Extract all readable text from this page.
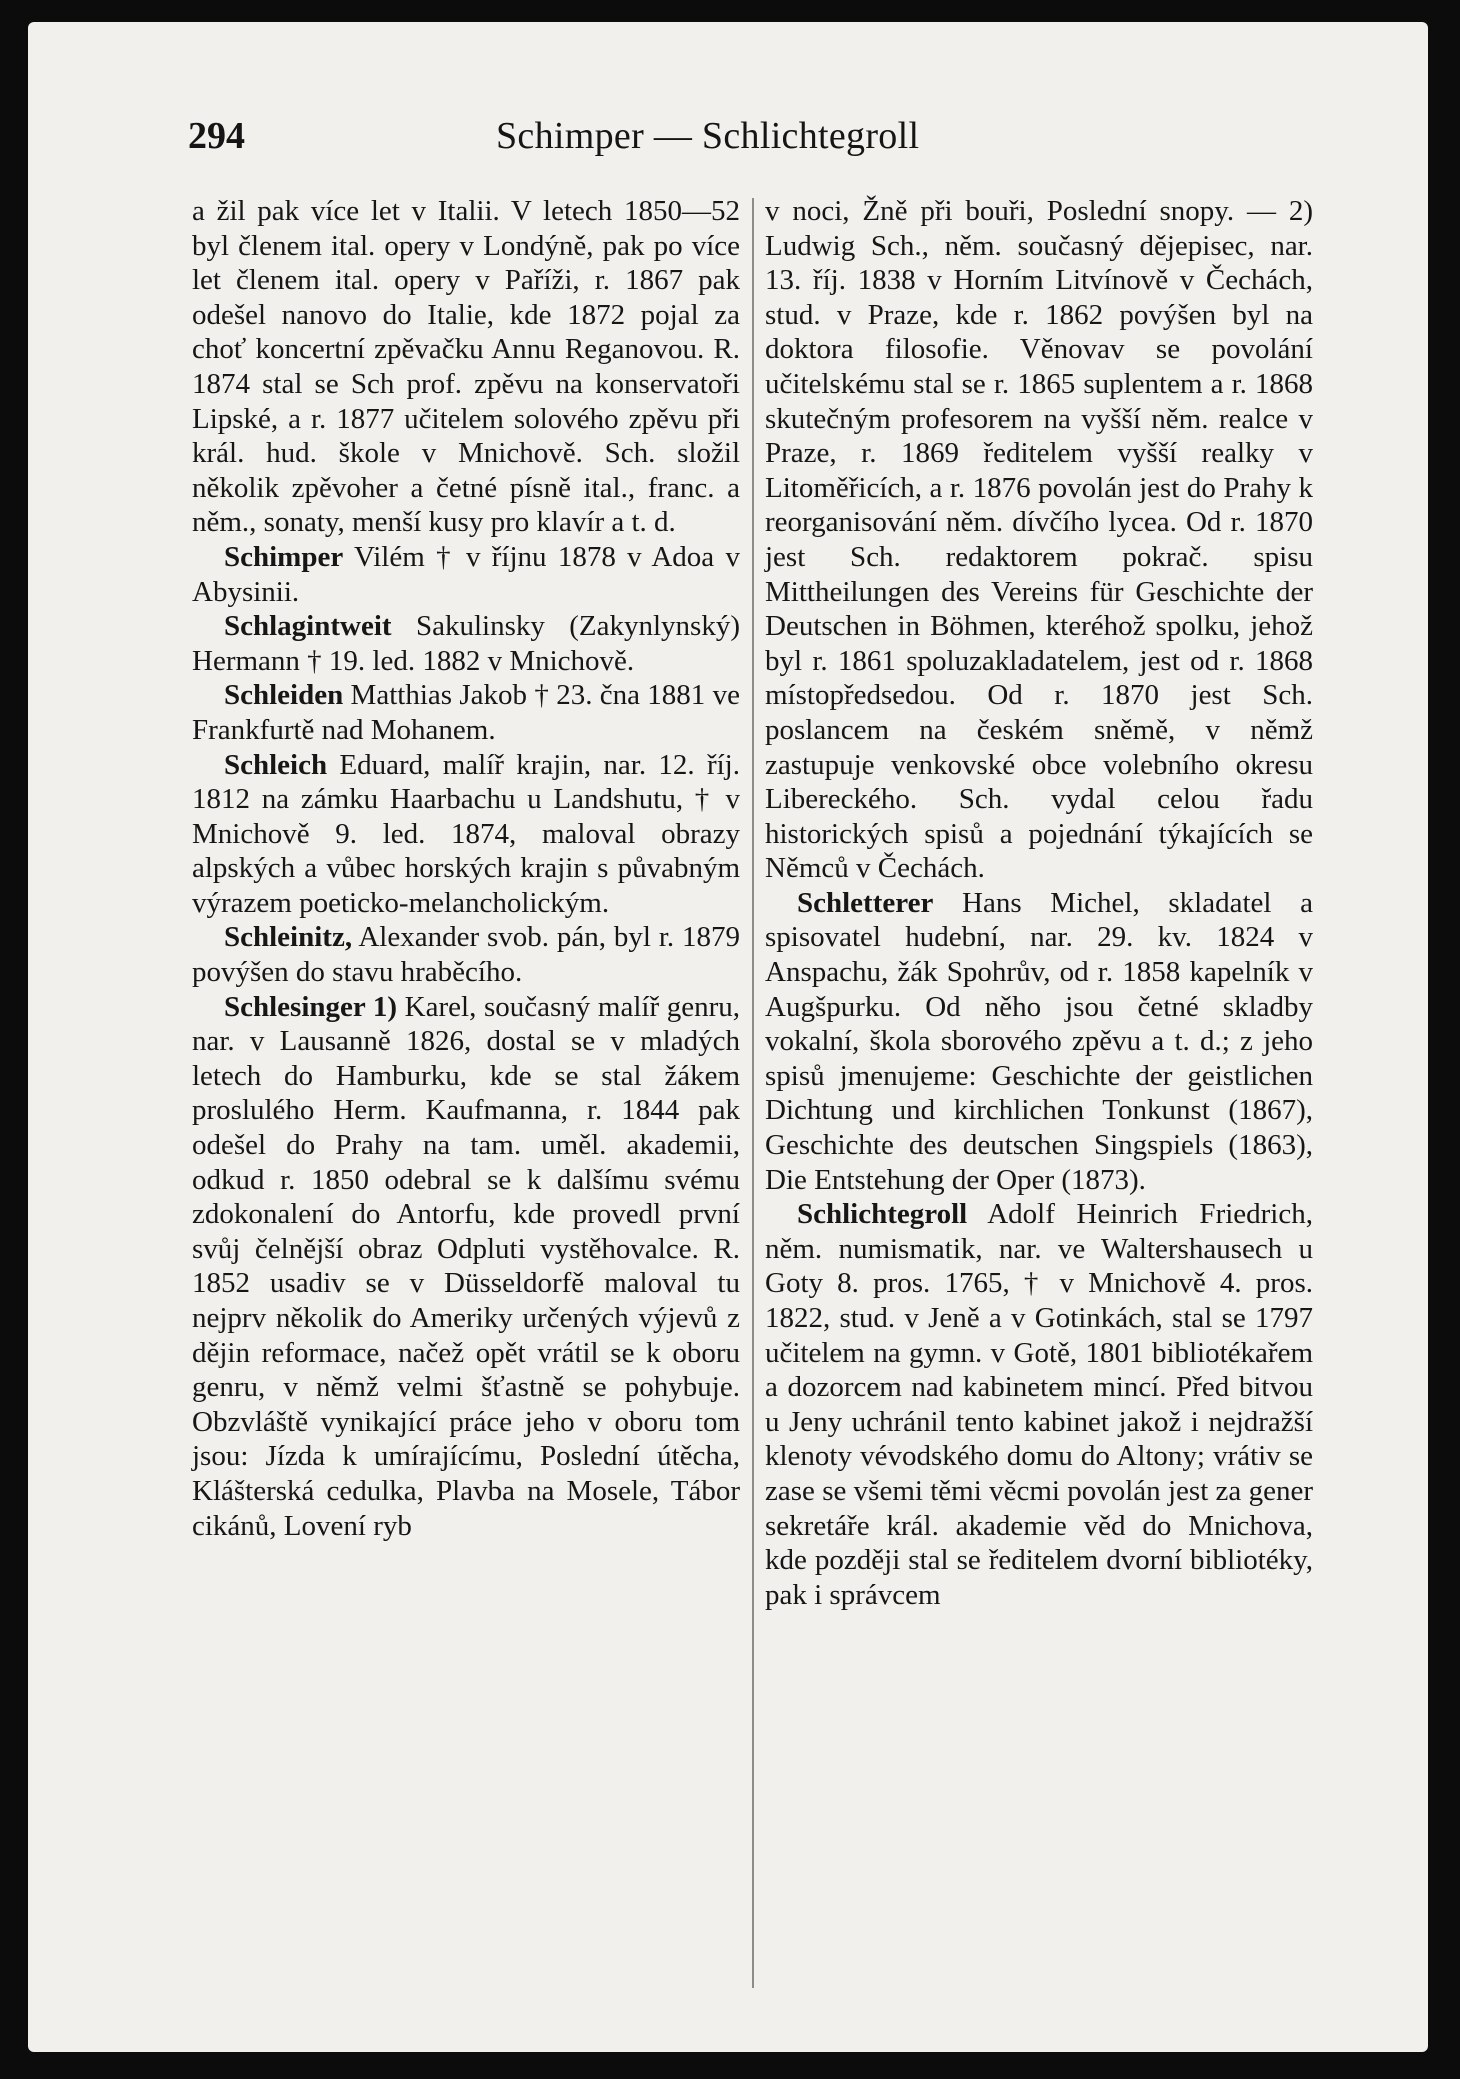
294	Schimper — Schlichtegroll

a žil pak více let v Italii. V letech 1850—52 byl členem ital. opery v Londýně, pak po více let členem ital. opery v Paříži, r. 1867 pak odešel nanovo do Italie, kde 1872 pojal za choť koncertní zpěvačku Annu Reganovou. R. 1874 stal se Sch prof. zpěvu na konservatoři Lipské, a r. 1877 učitelem solového zpěvu při král. hud. škole v Mnichově. Sch. složil několik zpěvoher a četné písně ital., franc. a něm., sonaty, menší kusy pro klavír a t. d.

Schimper Vilém † v říjnu 1878 v Adoa v Abysinii.

Schlagintweit Sakulinsky (Zakynlynský) Hermann † 19. led. 1882 v Mnichově.

Schleiden Matthias Jakob † 23. čna 1881 ve Frankfurtě nad Mohanem.

Schleich Eduard, malíř krajin, nar. 12. říj. 1812 na zámku Haarbachu u Landshutu, † v Mnichově 9. led. 1874, maloval obrazy alpských a vůbec horských krajin s půvabným výrazem poeticko-melancholickým.

Schleinitz, Alexander svob. pán, byl r. 1879 povýšen do stavu hraběcího.

Schlesinger 1) Karel, současný malíř genru, nar. v Lausanně 1826, dostal se v mladých letech do Hamburku, kde se stal žákem proslulého Herm. Kaufmanna, r. 1844 pak odešel do Prahy na tam. uměl. akademii, odkud r. 1850 odebral se k dalšímu svému zdokonalení do Antorfu, kde provedl první svůj čelnější obraz Odpluti vystěhovalce. R. 1852 usadiv se v Düsseldorfě maloval tu nejprv několik do Ameriky určených výjevů z dějin reformace, načež opět vrátil se k oboru genru, v němž velmi šťastně se pohybuje. Obzvláště vynikající práce jeho v oboru tom jsou: Jízda k umírajícímu, Poslední útěcha, Klášterská cedulka, Plavba na Mosele, Tábor cikánů, Lovení ryb

v noci, Žně při bouři, Poslední snopy. — 2) Ludwig Sch., něm. současný dějepisec, nar. 13. říj. 1838 v Horním Litvínově v Čechách, stud. v Praze, kde r. 1862 povýšen byl na doktora filosofie. Věnovav se povolání učitelskému stal se r. 1865 suplentem a r. 1868 skutečným profesorem na vyšší něm. realce v Praze, r. 1869 ředitelem vyšší realky v Litoměřicích, a r. 1876 povolán jest do Prahy k reorganisování něm. dívčího lycea. Od r. 1870 jest Sch. redaktorem pokrač. spisu Mittheilungen des Vereins für Geschichte der Deutschen in Böhmen, kteréhož spolku, jehož byl r. 1861 spoluzakladatelem, jest od r. 1868 místopředsedou. Od r. 1870 jest Sch. poslancem na českém sněmě, v němž zastupuje venkovské obce volebního okresu Libereckého. Sch. vydal celou řadu historických spisů a pojednání týkajících se Němců v Čechách.

Schletterer Hans Michel, skladatel a spisovatel hudební, nar. 29. kv. 1824 v Anspachu, žák Spohrův, od r. 1858 kapelník v Augšpurku. Od něho jsou četné skladby vokalní, škola sborového zpěvu a t. d.; z jeho spisů jmenujeme: Geschichte der geistlichen Dichtung und kirchlichen Tonkunst (1867), Geschichte des deutschen Singspiels (1863), Die Entstehung der Oper (1873).

Schlichtegroll Adolf Heinrich Friedrich, něm. numismatik, nar. ve Waltershausech u Goty 8. pros. 1765, † v Mnichově 4. pros. 1822, stud. v Jeně a v Gotinkách, stal se 1797 učitelem na gymn. v Gotě, 1801 bibliotékařem a dozorcem nad kabinetem mincí. Před bitvou u Jeny uchránil tento kabinet jakož i nejdražší klenoty vévodského domu do Altony; vrátiv se zase se všemi těmi věcmi povolán jest za gener sekretáře král. akademie věd do Mnichova, kde později stal se ředitelem dvorní bibliotéky, pak i správcem
